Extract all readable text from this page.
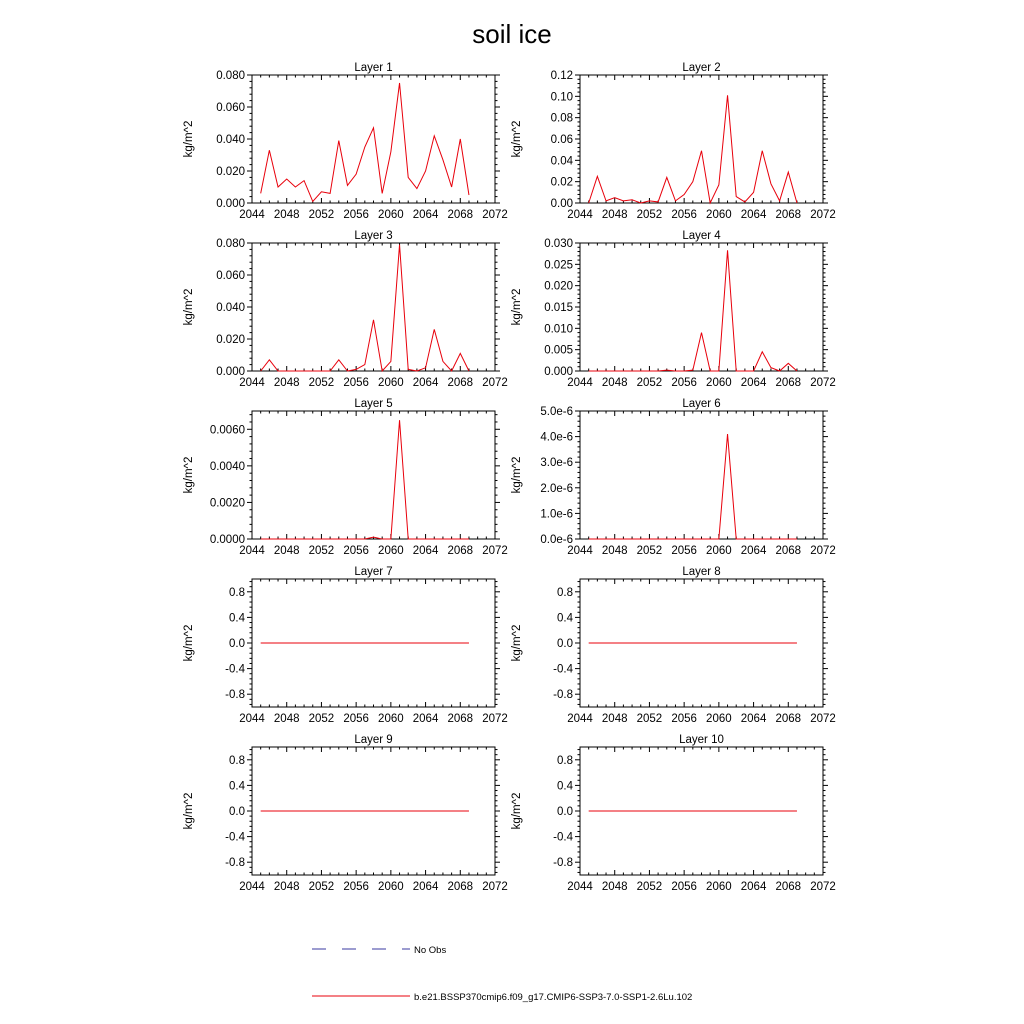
soil ice
Layer 1
kg/m^2
2044 2048 2052 2056 2060 2064 2068 2072
0.000
0.020
0.040
0.060
0.080
Layer 2
kg/m^2
2044 2048 2052 2056 2060 2064 2068 2072
0.00
0.02
0.04
0.06
0.08
0.10
0.12
Layer 3
kg/m^2
2044 2048 2052 2056 2060 2064 2068 2072
0.000
0.020
0.040
0.060
0.080
Layer 4
kg/m^2
2044 2048 2052 2056 2060 2064 2068 2072
0.000
0.005
0.010
0.015
0.020
0.025
0.030
Layer 5
kg/m^2
2044 2048 2052 2056 2060 2064 2068 2072
0.0000
0.0020
0.0040
0.0060
Layer 6
kg/m^2
2044 2048 2052 2056 2060 2064 2068 2072
0.0e-6
1.0e-6
2.0e-6
3.0e-6
4.0e-6
5.0e-6
Layer 7
kg/m^2
2044 2048 2052 2056 2060 2064 2068 2072
-0.8
-0.4
0.0
0.4
0.8
Layer 8
kg/m^2
2044 2048 2052 2056 2060 2064 2068 2072
-0.8
-0.4
0.0
0.4
0.8
Layer 9
kg/m^2
2044 2048 2052 2056 2060 2064 2068 2072
-0.8
-0.4
0.0
0.4
0.8
Layer 10
kg/m^2
2044 2048 2052 2056 2060 2064 2068 2072
-0.8
-0.4
0.0
0.4
0.8
No Obs
b.e21.BSSP370cmip6.f09_g17.CMIP6-SSP3-7.0-SSP1-2.6Lu.102
